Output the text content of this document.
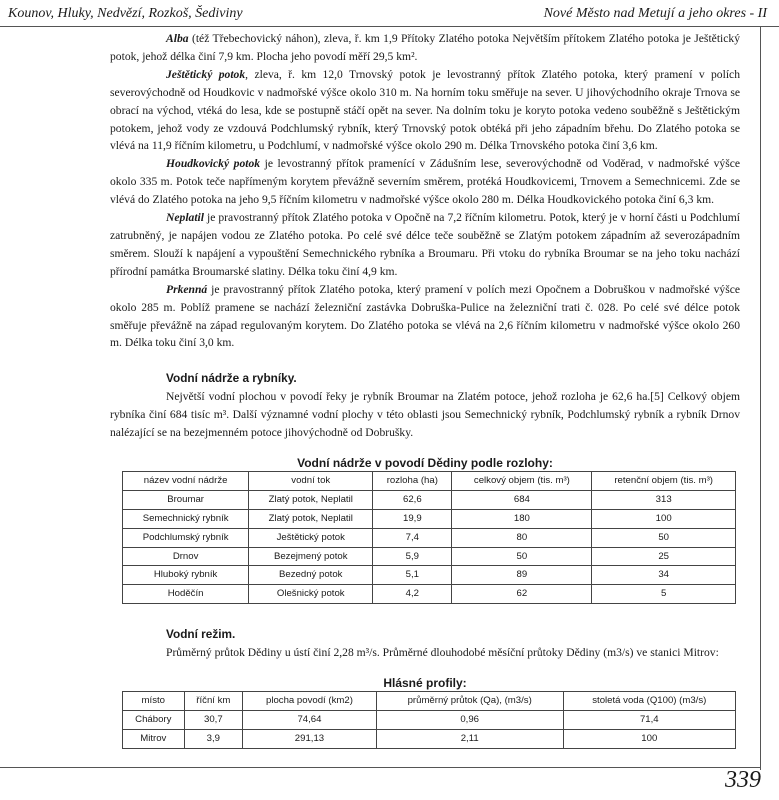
Kounov, Hluky, Nedvězí, Rozkoš, Šediviny	Nové Město nad Metují a jeho okres - II

Alba (též Třebechovický náhon), zleva, ř. km 1,9 Přítoky Zlatého potoka Největším přítokem Zlatého potoka je Ještětický potok, jehož délka činí 7,9 km. Plocha jeho povodí měří 29,5 km².

Ještětický potok, zleva, ř. km 12,0 Trnovský potok je levostranný přítok Zlatého potoka, který pramení v polích severovýchodně od Houdkovic v nadmořské výšce okolo 310 m. Na horním toku směřuje na sever. U jihovýchodního okraje Trnova se obrací na východ, vtéká do lesa, kde se postupně stáčí opět na sever. Na dolním toku je koryto potoka vedeno souběžně s Ještětickým potokem, jehož vody ze vzdouvá Podchlumský rybník, který Trnovský potok obtéká při jeho západním břehu. Do Zlatého potoka se vlévá na 11,9 říčním kilometru, u Podchlumí, v nadmořské výšce okolo 290 m. Délka Trnovského potoka činí 3,6 km.

Houdkovický potok je levostranný přítok pramenící v Zádušním lese, severovýchodně od Voděrad, v nadmořské výšce okolo 335 m. Potok teče napřímeným korytem převážně severním směrem, protéká Houdkovicemi, Trnovem a Semechnicemi. Zde se vlévá do Zlatého potoka na jeho 9,5 říčním kilometru v nadmořské výšce okolo 280 m. Délka Houdkovického potoka činí 6,3 km.

Neplatil je pravostranný přítok Zlatého potoka v Opočně na 7,2 říčním kilometru. Potok, který je v horní části u Podchlumí zatrubněný, je napájen vodou ze Zlatého potoka. Po celé své délce teče souběžně se Zlatým potokem západním až severozápadním směrem. Slouží k napájení a vypouštění Semechnického rybníka a Broumaru. Při vtoku do rybníka Broumar se na jeho toku nachází přírodní památka Broumarské slatiny. Délka toku činí 4,9 km.

Prkenná je pravostranný přítok Zlatého potoka, který pramení v polích mezi Opočnem a Dobruškou v nadmořské výšce okolo 285 m. Poblíž pramene se nachází železniční zastávka Dobruška-Pulice na železniční trati č. 028. Po celé své délce potok směřuje převážně na západ regulovaným korytem. Do Zlatého potoka se vlévá na 2,6 říčním kilometru v nadmořské výšce okolo 260 m. Délka toku činí 3,0 km.

Vodní nádrže a rybníky.

Největší vodní plochou v povodí řeky je rybník Broumar na Zlatém potoce, jehož rozloha je 62,6 ha.[5] Celkový objem rybníka činí 684 tisíc m³. Další významné vodní plochy v této oblasti jsou Semechnický rybník, Podchlumský rybník a rybník Drnov nalézající se na bezejmenném potoce jihovýchodně od Dobrušky.

Vodní nádrže v povodí Dědiny podle rozlohy:
název vodní nádrže	vodní tok	rozloha (ha)	celkový objem (tis. m³)	retenční objem (tis. m³)
Broumar	Zlatý potok, Neplatil	62,6	684	313
Semechnický rybník	Zlatý potok, Neplatil	19,9	180	100
Podchlumský rybník	Ještětický potok	7,4	80	50
Drnov	Bezejmený potok	5,9	50	25
Hluboký rybník	Bezedný potok	5,1	89	34
Hoděčín	Olešnický potok	4,2	62	5

Vodní režim.

Průměrný průtok Dědiny u ústí činí 2,28 m³/s. Průměrné dlouhodobé měsíční průtoky Dědiny (m3/s) ve stanici Mitrov:

Hlásné profily:
místo	říční km	plocha povodí (km2)	průměrný průtok (Qa), (m3/s)	stoletá voda (Q100) (m3/s)
Chábory	30,7	74,64	0,96	71,4
Mitrov	3,9	291,13	2,11	100
339
